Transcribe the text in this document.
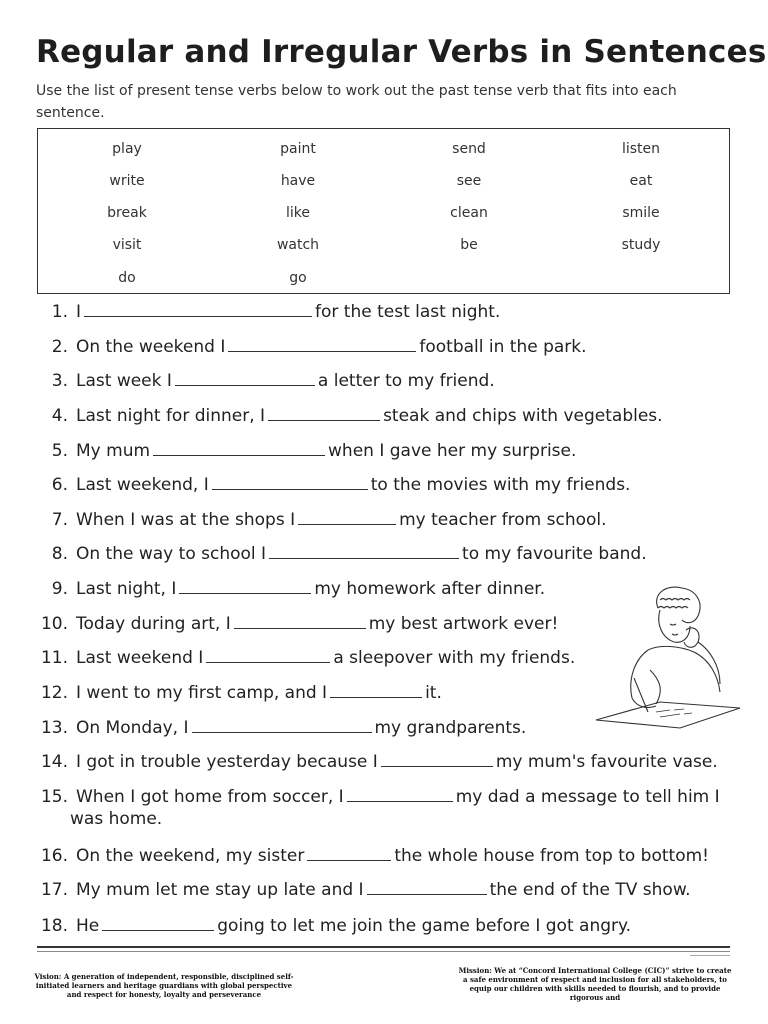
Regular and Irregular Verbs in Sentences
Use the list of present tense verbs below to work out the past tense verb that fits into each sentence.
play	paint	send	listen
write	have	see	eat
break	like	clean	smile
visit	watch	be	study
do	go
1. I	for the test last night.
2. On the weekend I	football in the park.
3. Last week I	a letter to my friend.
4. Last night for dinner, I	steak and chips with vegetables.
5. My mum	when I gave her my surprise.
6. Last weekend, I	to the movies with my friends.
7. When I was at the shops I	my teacher from school.
8. On the way to school I	to my favourite band.
9. Last night, I	my homework after dinner.
10. Today during art, I	my best artwork ever!
11. Last weekend I	a sleepover with my friends.
12. I went to my first camp, and I	it.
13. On Monday, I	my grandparents.
14. I got in trouble yesterday because I	my mum's favourite vase.
15. When I got home from soccer, I	my dad a message to tell him I
was home.
16. On the weekend, my sister	the whole house from top to bottom!
17. My mum let me stay up late and I	the end of the TV show.
18. He	going to let me join the game before I got angry.
Vision: A generation of independent, responsible, disciplined self-initiated learners and heritage guardians with global perspective and respect for honesty, loyalty and perseverance
Mission: We at “Concord International College (CIC)” strive to create a safe environment of respect and inclusion for all stakeholders, to equip our children with skills needed to flourish, and to provide rigorous and
